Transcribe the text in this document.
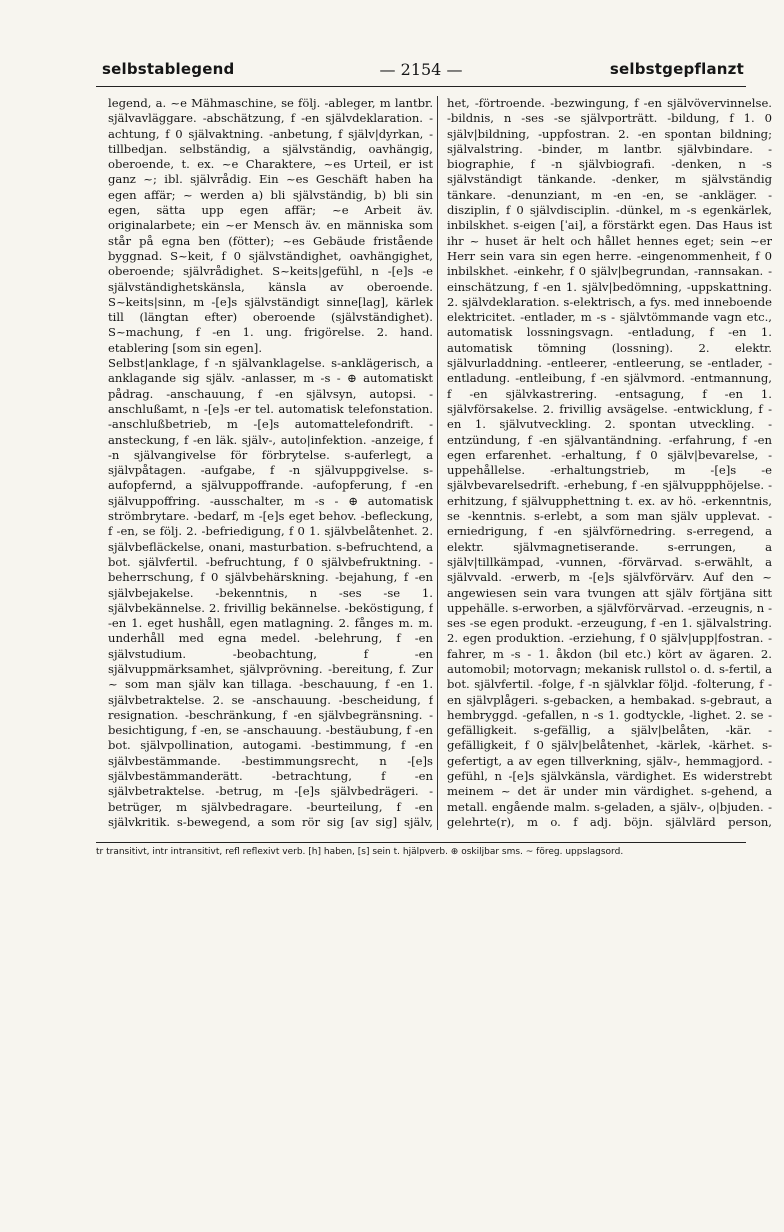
selbstablegend	— 2154 —	selbstgepflanzt

legend, a. ~e Mähmaschine, se följ. -ableger, m lantbr. självavläggare. -abschätzung, f -en självdeklaration. -achtung, f 0 självaktning. -anbetung, f själv|dyrkan, -tillbedjan. selbständig, a självständig, oavhängig, oberoende, t. ex. ~e Charaktere, ~es Urteil, er ist ganz ~; ibl. självrådig. Ein ~es Geschäft haben ha egen affär; ~ werden a) bli självständig, b) bli sin egen, sätta upp egen affär; ~e Arbeit äv. originalarbete; ein ~er Mensch äv. en människa som står på egna ben (fötter); ~es Gebäude fristående byggnad. S~keit, f 0 självständighet, oavhängighet, oberoende; självrådighet. S~keits|gefühl, n -[e]s -e självständighetskänsla, känsla av oberoende. S~keits|sinn, m -[e]s självständigt sinne[lag], kärlek till (längtan efter) oberoende (självständighet). S~machung, f -en 1. ung. frigörelse. 2. hand. etablering [som sin egen].

Selbst|anklage, f -n självanklagelse. s-anklägerisch, a anklagande sig själv. -anlasser, m -s - ⊕ automatiskt pådrag. -anschauung, f -en självsyn, autopsi. -anschlußamt, n -[e]s -er tel. automatisk telefonstation. -anschlußbetrieb, m -[e]s automattelefondrift. -ansteckung, f -en läk. själv-, auto|infektion. -anzeige, f -n självangivelse för förbrytelse. s-auferlegt, a självpåtagen. -aufgabe, f -n självuppgivelse. s-aufopfernd, a självuppoffrande. -aufopferung, f -en självuppoffring. -ausschalter, m -s - ⊕ automatisk strömbrytare. -bedarf, m -[e]s eget behov. -befleckung, f -en, se följ. 2. -befriedigung, f 0 1. självbelåtenhet. 2. självbefläckelse, onani, masturbation. s-befruchtend, a bot. självfertil. -befruchtung, f 0 självbefruktning. -beherrschung, f 0 självbehärskning. -bejahung, f -en självbejakelse. -bekenntnis, n -ses -se 1. självbekännelse. 2. frivillig bekännelse. -beköstigung, f -en 1. eget hushåll, egen matlagning. 2. fånges m. m. underhåll med egna medel. -belehrung, f -en självstudium. -beobachtung, f -en självuppmärksamhet, självprövning. -bereitung, f. Zur ~ som man själv kan tillaga. -beschauung, f -en 1. självbetraktelse. 2. se -anschauung. -bescheidung, f resignation. -beschränkung, f -en självbegränsning. -besichtigung, f -en, se -anschauung. -bestäubung, f -en bot. självpollination, autogami. -bestimmung, f -en självbestämmande. -bestimmungsrecht, n -[e]s självbestämmanderätt. -betrachtung, f -en självbetraktelse. -betrug, m -[e]s självbedrägeri. -betrüger, m självbedragare. -beurteilung, f -en självkritik. s-bewegend, a som rör sig [av sig] själv,

het, -förtroende. -bezwingung, f -en självövervinnelse. -bildnis, n -ses -se självporträtt. -bildung, f 1. 0 själv|bildning, -uppfostran. 2. -en spontan bildning; självalstring. -binder, m lantbr. självbindare. -biographie, f -n självbiografi. -denken, n -s självständigt tänkande. -denker, m självständig tänkare. -denunziant, m -en -en, se -ankläger. -disziplin, f 0 självdisciplin. -dünkel, m -s egenkärlek, inbilskhet. s-eigen [ˈai], a förstärkt egen. Das Haus ist ihr ~ huset är helt och hållet hennes eget; sein ~er Herr sein vara sin egen herre. -eingenommenheit, f 0 inbilskhet. -einkehr, f 0 själv|begrundan, -rannsakan. -einschätzung, f -en 1. själv|bedömning, -uppskattning. 2. självdeklaration. s-elektrisch, a fys. med inneboende elektricitet. -entlader, m -s - självtömmande vagn etc., automatisk lossningsvagn. -entladung, f -en 1. automatisk tömning (lossning). 2. elektr. självurladdning. -entleerer, -entleerung, se -entlader, -entladung. -entleibung, f -en självmord. -entmannung, f -en självkastrering. -entsagung, f -en 1. självförsakelse. 2. frivillig avsägelse. -entwicklung, f -en 1. självutveckling. 2. spontan utveckling. -entzündung, f -en självantändning. -erfahrung, f -en egen erfarenhet. -erhaltung, f 0 själv|bevarelse, -uppehållelse. -erhaltungstrieb, m -[e]s -e självbevarelsedrift. -erhebung, f -en självuppphöjelse. -erhitzung, f självupphettning t. ex. av hö. -erkenntnis, se -kenntnis. s-erlebt, a som man själv upplevat. -erniedrigung, f -en självförnedring. s-erregend, a elektr. självmagnetiserande. s-errungen, a själv|tillkämpad, -vunnen, -förvärvad. s-erwählt, a självvald. -erwerb, m -[e]s självförvärv. Auf den ~ angewiesen sein vara tvungen att själv förtjäna sitt uppehälle. s-erworben, a självförvärvad. -erzeugnis, n -ses -se egen produkt. -erzeugung, f -en 1. självalstring. 2. egen produktion. -erziehung, f 0 själv|upp|fostran. -fahrer, m -s - 1. åkdon (bil etc.) kört av ägaren. 2. automobil; motorvagn; mekanisk rullstol o. d. s-fertil, a bot. självfertil. -folge, f -n självklar följd. -folterung, f -en självplågeri. s-gebacken, a hembakad. s-gebraut, a hembryggd. -gefallen, n -s 1. godtyckle, -lighet. 2. se -gefälligkeit. s-gefällig, a själv|belåten, -kär. -gefälligkeit, f 0 själv|belåtenhet, -kärlek, -kärhet. s-gefertigt, a av egen tillverkning, själv-, hemmagjord. -gefühl, n -[e]s självkänsla, värdighet. Es widerstrebt meinem ~ det är under min värdighet. s-gehend, a metall. engående malm. s-geladen, a själv-, o|bjuden. -gelehrte(r), m o. f adj. böjn. självlärd person,

tr transitivt, intr intransitivt, refl reflexivt verb. [h] haben, [s] sein t. hjälpverb. ⊕ oskiljbar sms. ~ föreg. uppslagsord.
